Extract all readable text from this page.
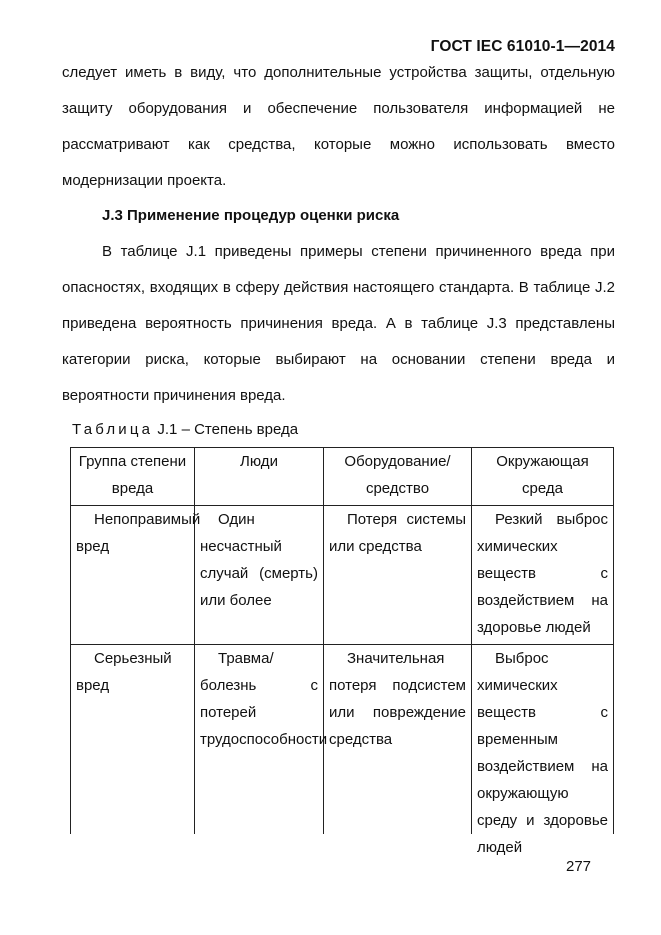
ГОСТ IEC 61010-1—2014
следует иметь в виду, что дополнительные устройства защиты, отдельную защиту оборудования и обеспечение пользователя информацией не рассматривают как средства, которые можно использовать вместо модернизации проекта.
J.3 Применение процедур оценки риска
В таблице J.1 приведены примеры степени причиненного вреда при опасностях, входящих в сферу действия настоящего стандарта. В таблице J.2 приведена вероятность причинения вреда. А в таблице J.3 представлены категории риска, которые выбирают на основании степени вреда и вероятности причинения вреда.
Таблица J.1 – Степень вреда
Группа степени вреда	Люди	Оборудование/ средство	Окружающая среда
Непоправимый вред	Один несчастный случай (смерть) или более	Потеря системы или средства	Резкий выброс химических веществ с воздействием на здоровье людей

Серьезный вред	Травма/болезнь с потерей трудоспособности	Значительная потеря подсистем или повреждение средства	Выброс химических веществ с временным воздействием на окружающую среду и здоровье людей
277
